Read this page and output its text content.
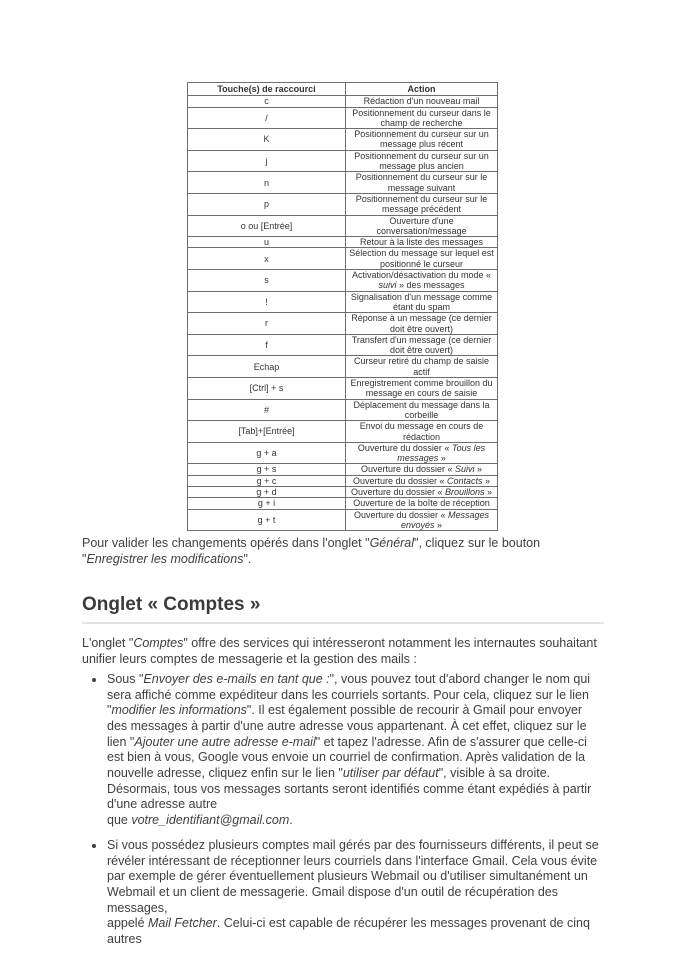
Touche(s) de raccourci	Action
c	Rédaction d'un nouveau mail
/	Positionnement du curseur dans le champ de recherche
K	Positionnement du curseur sur un message plus récent
j	Positionnement du curseur sur un message plus ancien
n	Positionnement du curseur sur le message suivant
p	Positionnement du curseur sur le message précédent
o ou [Entrée]	Ouverture d'une conversation/message
u	Retour à la liste des messages
x	Sélection du message sur lequel est positionné le curseur
s	Activation/désactivation du mode « suivi » des messages
!	Signalisation d'un message comme étant du spam
r	Réponse à un message (ce dernier doit être ouvert)
f	Transfert d'un message (ce dernier doit être ouvert)
Echap	Curseur retiré du champ de saisie actif
[Ctrl] + s	Enregistrement comme brouillon du message en cours de saisie
#	Déplacement du message dans la corbeille
[Tab]+[Entrée]	Envoi du message en cours de rédaction
g + a	Ouverture du dossier « Tous les messages »
g + s	Ouverture du dossier « Suivi »
g + c	Ouverture du dossier « Contacts »
g + d	Ouverture du dossier « Brouillons »
g + i	Ouverture de la boîte de réception
g + t	Ouverture du dossier « Messages envoyés »

Pour valider les changements opérés dans l'onglet "Général", cliquez sur le bouton "Enregistrer les modifications".

Onglet « Comptes »

L'onglet "Comptes" offre des services qui intéresseront notamment les internautes souhaitant unifier leurs comptes de messagerie et la gestion des mails :

• Sous "Envoyer des e-mails en tant que :", vous pouvez tout d'abord changer le nom qui sera affiché comme expéditeur dans les courriels sortants. Pour cela, cliquez sur le lien "modifier les informations". Il est également possible de recourir à Gmail pour envoyer des messages à partir d'une autre adresse vous appartenant. À cet effet, cliquez sur le lien "Ajouter une autre adresse e-mail" et tapez l'adresse. Afin de s'assurer que celle-ci est bien à vous, Google vous envoie un courriel de confirmation. Après validation de la nouvelle adresse, cliquez enfin sur le lien "utiliser par défaut", visible à sa droite. Désormais, tous vos messages sortants seront identifiés comme étant expédiés à partir d'une adresse autre
que votre_identifiant@gmail.com.
• Si vous possédez plusieurs comptes mail gérés par des fournisseurs différents, il peut se révéler intéressant de réceptionner leurs courriels dans l'interface Gmail. Cela vous évite par exemple de gérer éventuellement plusieurs Webmail ou d'utiliser simultanément un Webmail et un client de messagerie. Gmail dispose d'un outil de récupération des messages,
appelé Mail Fetcher. Celui-ci est capable de récupérer les messages provenant de cinq autres
